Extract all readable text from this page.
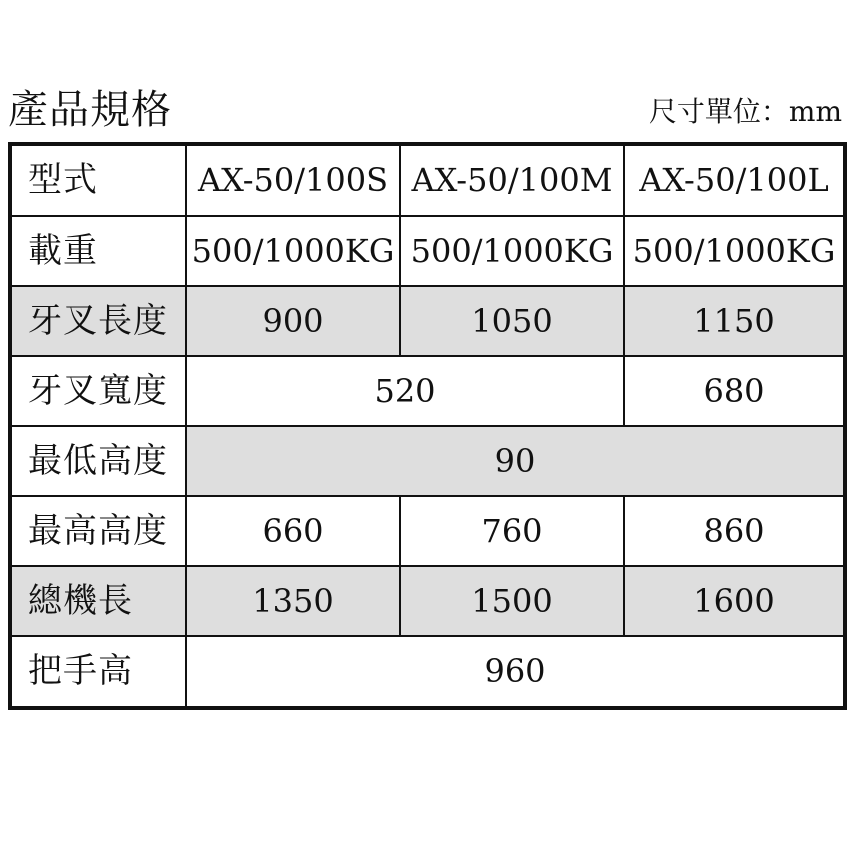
產品規格	尺寸單位：mm
型式	AX-50/100S	AX-50/100M	AX-50/100L
載重	500/1000KG	500/1000KG	500/1000KG
牙叉長度	900	1050	1150
牙叉寬度	520		680
最低高度	90		
最高高度	660	760	860
總機長	1350	1500	1600
把手高	960		
